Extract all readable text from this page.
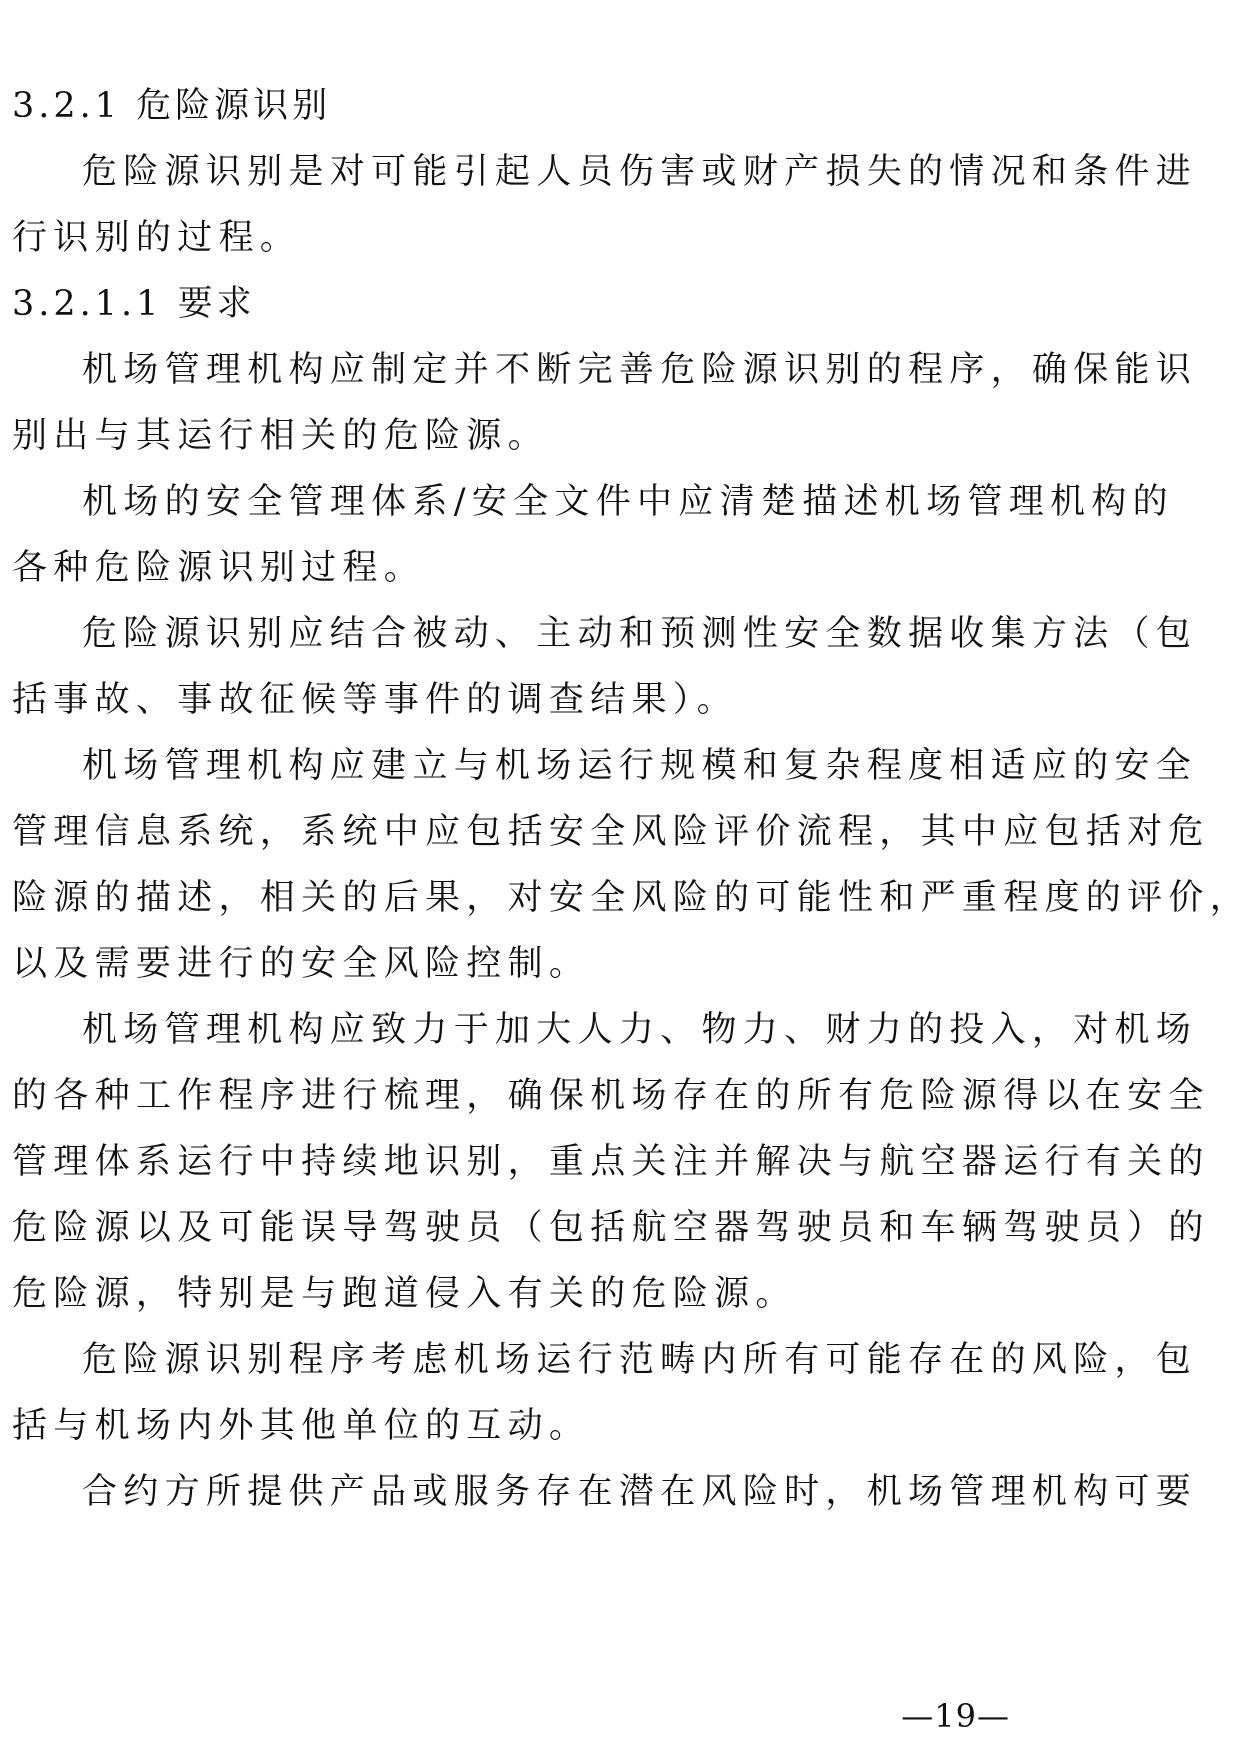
3.2.1 危险源识别
危险源识别是对可能引起人员伤害或财产损失的情况和条件进
行识别的过程。
3.2.1.1 要求
机场管理机构应制定并不断完善危险源识别的程序，确保能识
别出与其运行相关的危险源。
机场的安全管理体系/安全文件中应清楚描述机场管理机构的
各种危险源识别过程。
危险源识别应结合被动、主动和预测性安全数据收集方法（包
括事故、事故征候等事件的调查结果）。
机场管理机构应建立与机场运行规模和复杂程度相适应的安全
管理信息系统，系统中应包括安全风险评价流程，其中应包括对危
险源的描述，相关的后果，对安全风险的可能性和严重程度的评价，
以及需要进行的安全风险控制。
机场管理机构应致力于加大人力、物力、财力的投入，对机场
的各种工作程序进行梳理，确保机场存在的所有危险源得以在安全
管理体系运行中持续地识别，重点关注并解决与航空器运行有关的
危险源以及可能误导驾驶员（包括航空器驾驶员和车辆驾驶员）的
危险源，特别是与跑道侵入有关的危险源。
危险源识别程序考虑机场运行范畴内所有可能存在的风险，包
括与机场内外其他单位的互动。
合约方所提供产品或服务存在潜在风险时，机场管理机构可要
—19—
